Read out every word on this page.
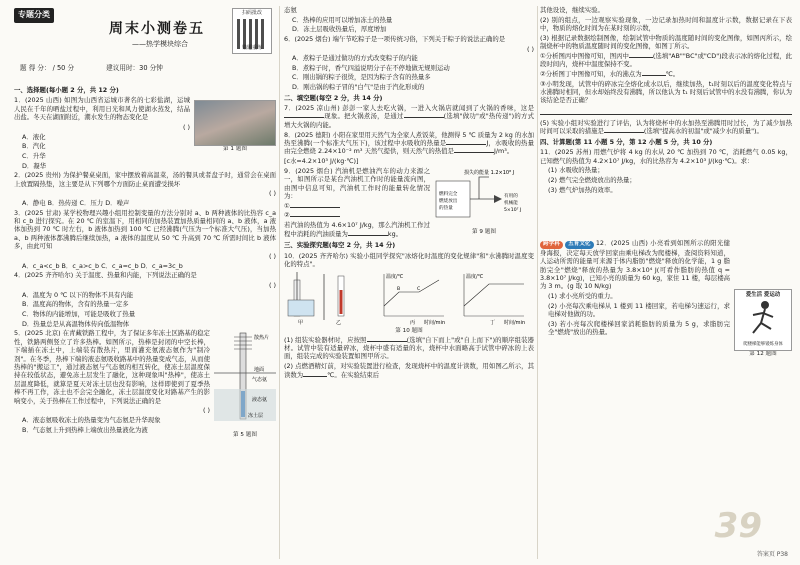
专题分类
周末小测卷五
——热学模块综合
扫码批改
错题重练
题 得 分： / 50 分	建议用时：30 分钟
一、选择题(每小题 2 分，共 12 分)

1．(2025 山西) 如图为山西省运城市著名的七彩盐湖，运城人民在千年的晒盐过程中，利用日光和风力使湖水蒸发，结晶出盐。冬天在湖面附近，潮水发生的物态变化是

( )

A．液化

B．汽化

C．升华

D．凝华

第 1 题图

2．(2025 贵州) 为保护餐桌桌面，家中摆放着高温菜，汤的餐具或者盘子时，通常会在桌面上放置隔热垫，这主要是从下列哪个方面防止桌面遭受损坏

( )

A．静电 B．热传递 C．压力 D．噪声

3．(2025 甘肃) 某学校物理兴趣小组用控制变量的方法分别对 a、b 两种液体的比热容 c_a 和 c_b 进行探究。在 20 ℃ 的室温下，用相同的加热装置加热质量相同的 a、b 液体，a 液体加热到 70 ℃ 时左右，b 液体加热到 100 ℃ 已经沸腾(气压为一个标准大气压)，当加热 a、b 两种液体都沸腾后继续加热，a 液体的温度从 50 ℃ 升高到 70 ℃ 所需时间比 b 液体多，由此可知

( )

A．c_a<c_b B．c_a>c_b C．c_a=c_b D．c_a=3c_b

4．(2025 齐齐哈尔) 关于温度、热量和内能，下列说法正确的是

( )

A．温度为 0 ℃ 以下的物体不具有内能

B．温度高的物体，含有的热量一定多

C．物体的内能增加，可能是吸收了热量

D．热量总是从高温物体传向低温物体

5．(2025 北京) 在青藏铁路工程中，为了保证多年冻土区路基的稳定性，铁路两侧竖立了许多热棒。如图所示，热棒是封闭的中空长棒，下端插在冻土中，上端装有散热片，里面灌充氨液态氨作为"制冷剂"。在冬季，热棒下端的液态氨吸收路基中的热量变成气态，从而使热棒的"搬运工"，通过液态氨与气态氨的相互转化，使冻土层温度保持在较低状态，避免冻土层发生了融化，这种现象叫"热棒"，使冻土层温度降低，就算是夏天对冻土层也没有影响，这样即使到了夏季热棒不再工作，冻土也不会完全融化，冻土层温度变化对路基产生的影响变小，关于热棒在工作过程中，下列说法正确的是

( )

A．液态氨吸收冻土的热量变为气态氨是升华现象

B．气态氨上升到热棒上端放出热量液化为液

散热片
地面
气态氨
液态氨
冻土层
第 5 题图

态氨

C．热棒的应用可以增加冻土的热量

D．冻土层吸收热量后，厚度增加

6．(2025 烟台) 端午节吃粽子是一项传统习俗，下列关于粽子的说法正确的是

( )

A．煮粽子是通过做功的方式改变粽子的内能

B．煮粽子时，香气四溢说明分子在不停地做无规则运动

C．刚出锅的粽子很烫，是因为粽子含有的热量多

D．刚出锅的粽子冒的"白气"是由于汽化形成的

二、填空题(每空 2 分，共 14 分)

7．(2025 凉山州) 彭彭一家人去吃火锅，一进入火锅店就闻到了火锅的香味，这是现象。把火锅煮汤，是通过	(选填"做功"或"热传递")的方式增大火锅的内能。

8．(2025 德阳) 小阳在家里用天然气为全家人煮饭菜，他测得 5 ℃ 质量为 2 kg 的水加热至沸腾(一个标准大气压下)，该过程中水吸收的热量是	J，水吸收的热量由完全燃烧 2.24×10⁻² m³ 天然气提供，则天然气的热值是	J/m³。

[c水=4.2×10³ J/(kg·℃)]

9．(2025 烟台) 汽油机是燃油汽车的动力来源之一，如图所示是某台汽油机工作时的能量流向图，由图中信息可知，汽油机工作时的能量转化情况为：

①

②

若汽油的热值为 4.6×10⁷ J/kg，那么汽油机工作过程中消耗的汽油质量为	kg。

损失的能量 1.2×10⁸ J
燃料完全
燃烧放出
的热量
有用的
机械能
5×10⁷ J
第 9 题图
三、实验探究题(每空 2 分，共 14 分)

10．(2025 齐齐哈尔) 实验小组同学探究"冰熔化时温度的变化规律"和"水沸腾时温度变化的特点"。

温度/℃
时间/min
B	C
温度/℃
时间/min
甲	乙	丙	丁
第 10 题图

(1) 组装实验器材时，应按照	(选填"自下而上"或"自上而下")的顺序组装器材。试管中装有适量碎冰，烧杯中盛有适量的水，烧杯中水面略高于试管中碎冰的上表面，组装完成的实验装置如图甲所示。

(2) 点燃酒精灯前，对实验装置进行检查，发现烧杯中的温度计读数，用如图乙所示，其读数为	℃。在实验结束后

其他设设，继续实验。

(2) 别的组点，一边观察实验现象，一边记录加热时间和温度计示数，数据记录在下表中，物质的熔化时间为在某时刻的示数，

(3) 根据记录数据绘制图像，绘制试管中物质的温度随时间的变化图像，如图丙所示，绘制烧杯中的物质温度随时间的变化图像，如图丁所示。

①分析图丙中图像可知，图丙中	(选填"AB""BC"或"CD")段表示冰的熔化过程，此段时间内，烧杯中温度保持不变。

②分析图丁中图像可知，水的沸点为	℃。

③小明发现，试管中的碎冰完全熔化成水以后，继续加热，t₁时刻以后的温度变化特点与水沸腾时相同，但水却始终没有沸腾，所以他认为 t₁ 时刻后试管中的水没有沸腾，你认为该结论是否正确？

(5) 实验小组对实验进行了评估，认为将烧杯中的水加热至沸腾用时过长，为了减少加热时间可以采取的措施是	(选填"提高水的初温"或"减少水的质量")。

四、计算题(第 11 小题 5 分，第 12 小题 5 分，共 10 分)

11．(2025 苏州) 用燃气炉将 4 kg 的水从 20 ℃ 加热到 70 ℃，消耗燃气 0.05 kg，已知燃气的热值为 4.2×10⁷ J/kg，水的比热容为 4.2×10³ J/(kg·℃)。求：

(1) 水吸收的热量；

(2) 燃气完全燃烧放出的热量；

(3) 燃气炉加热的效率。

跨学科 五育文化 12．(2025 山西) 小亮看到如图所示的阳光健身海报，决定每天放学回家由乘电梯改为爬楼梯，查阅资料知道，人运动所需的能量可来源于体内脂肪"燃烧"释放的化学能，1 g 脂肪完全"燃烧"释放的热量为 3.8×10⁴ J(可看作脂肪的热值 q = 3.8×10⁷ J/kg)，已知小亮的质量为 60 kg，家住 11 楼，每层楼高为 3 m。(g 取 10 N/kg)

(1) 求小亮所受的重力。

(2) 小亮每次乘电梯从 1 楼到 11 楼回家，若电梯匀速运行，求电梯对他做的功。

(3) 若小亮每次爬楼梯回家消耗脂肪的质量为 5 g，求脂肪完全"燃烧"放出的热量。

爱生活 爱运动
爬楼梯能够锻炼身体
第 12 题图
39
答案页 P38
